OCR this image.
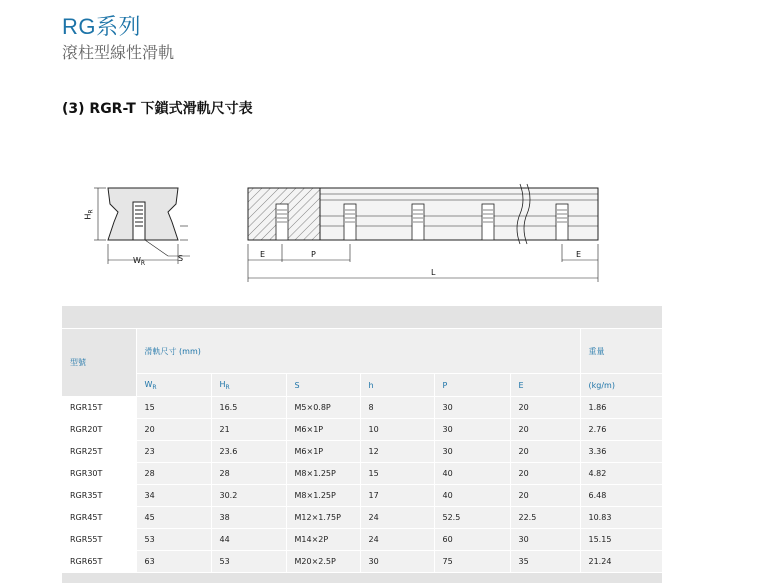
RG系列
滾柱型線性滑軌
(3) RGR-T 下鎖式滑軌尺寸表
$H_R$
$W_R$
S	E	P	E
L

型號	滑軌尺寸 (mm)						重量
	$W_R$	$H_R$	S	h	P	E	(kg/m)
RGR15T	15	16.5	M5×0.8P	8	30	20	1.86
RGR20T	20	21	M6×1P	10	30	20	2.76
RGR25T	23	23.6	M6×1P	12	30	20	3.36
RGR30T	28	28	M8×1.25P	15	40	20	4.82
RGR35T	34	30.2	M8×1.25P	17	40	20	6.48
RGR45T	45	38	M12×1.75P	24	52.5	22.5	10.83
RGR55T	53	44	M14×2P	24	60	30	15.15
RGR65T	63	53	M20×2.5P	30	75	35	21.24
